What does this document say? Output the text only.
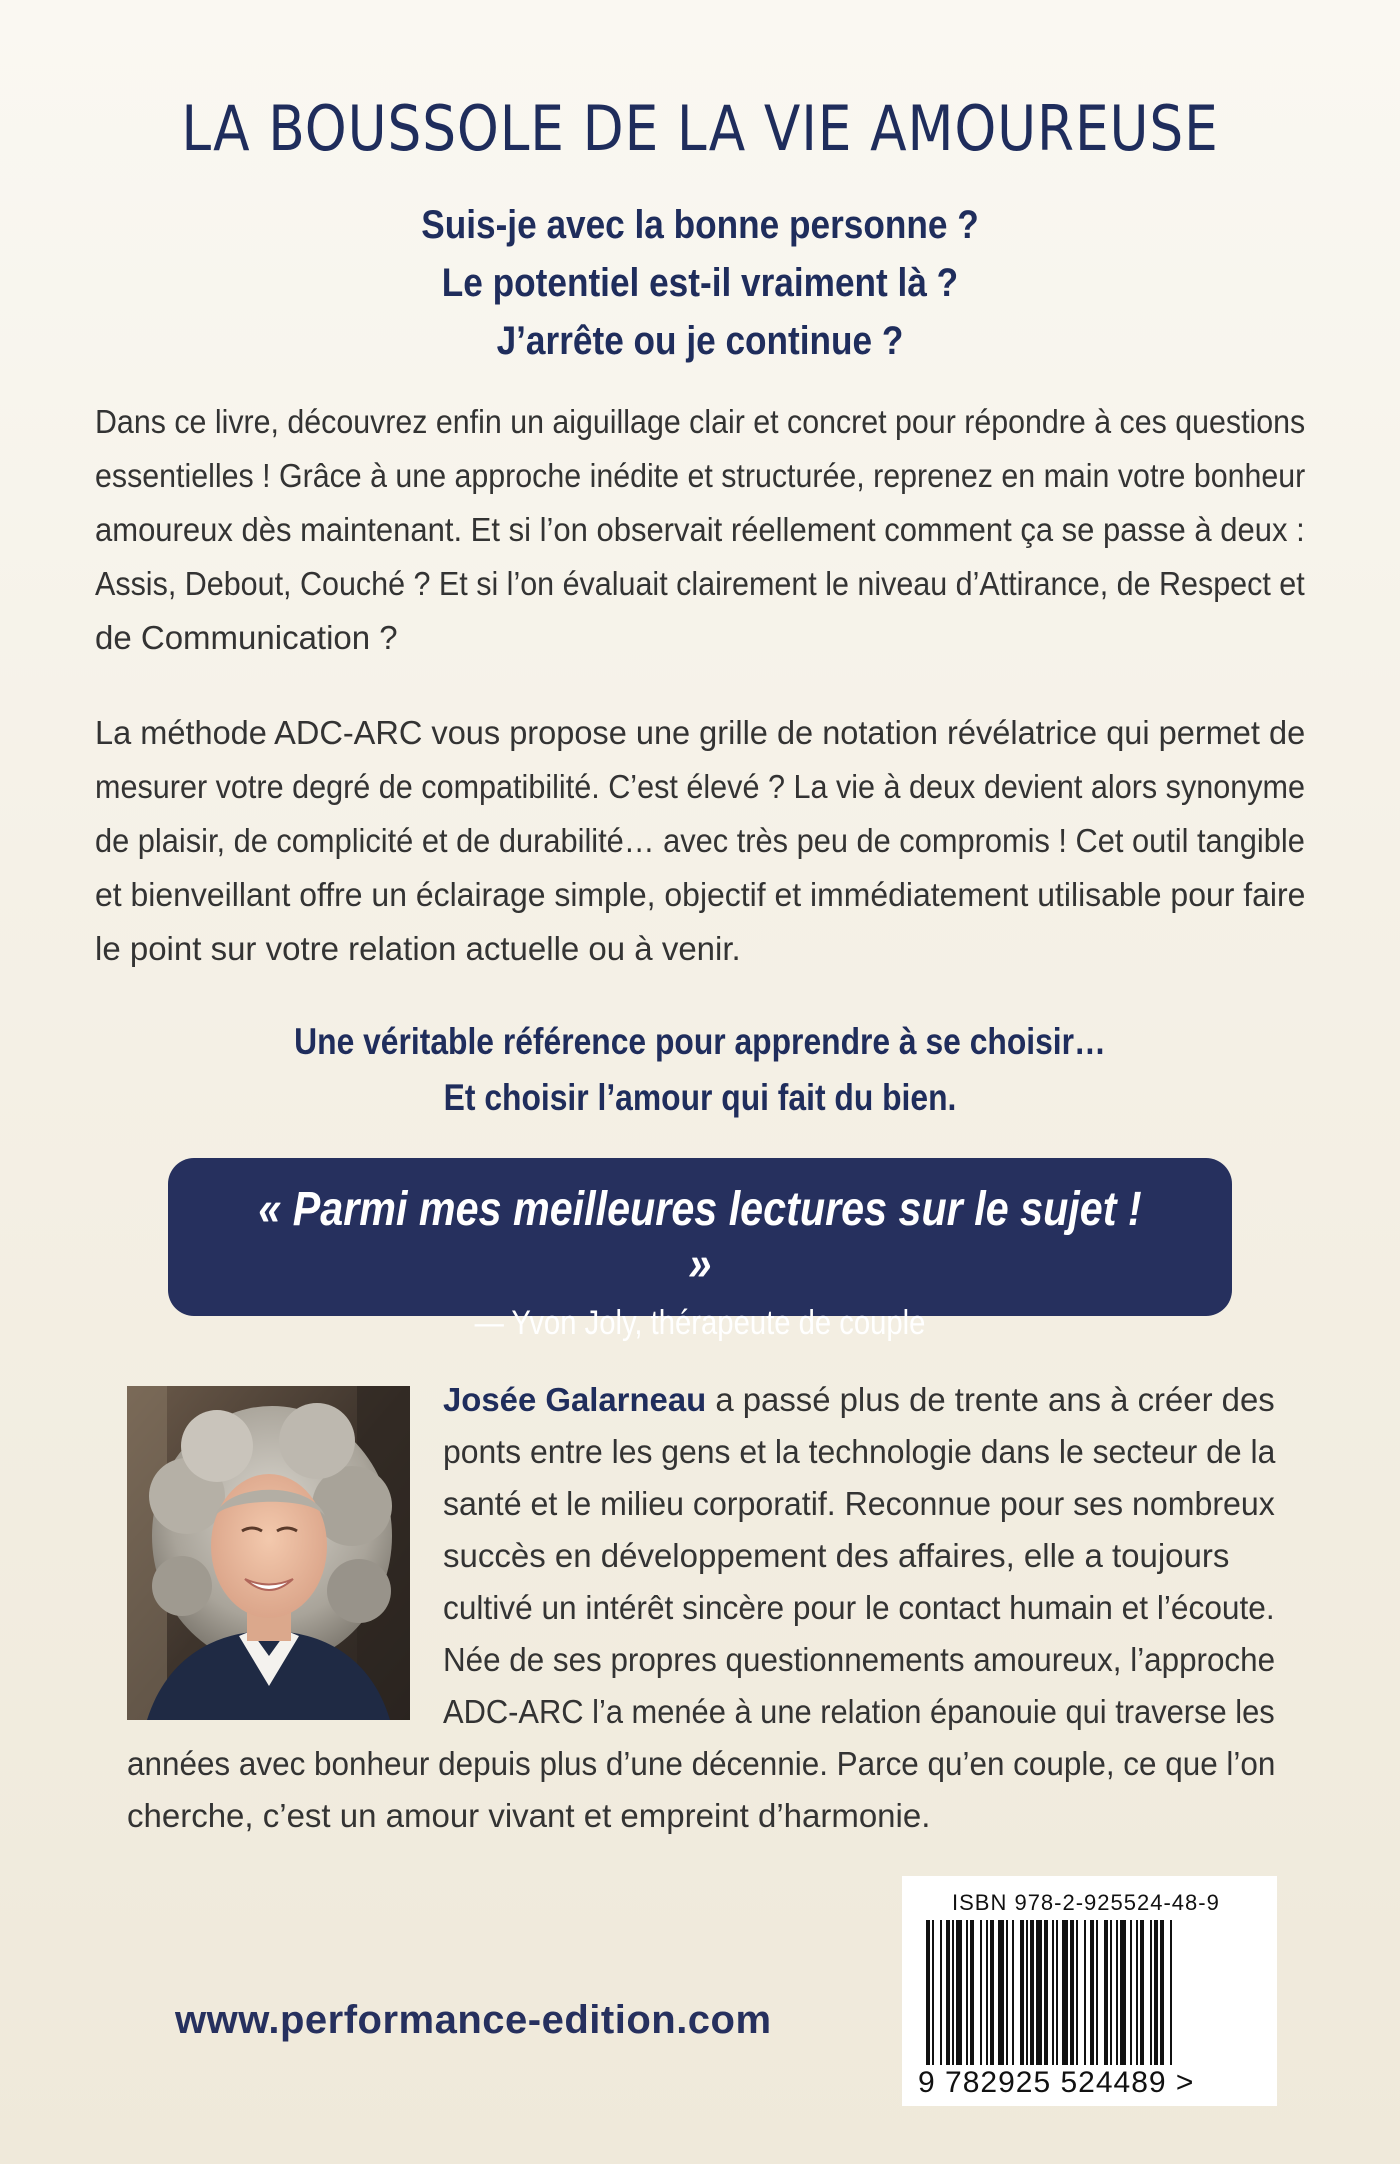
LA BOUSSOLE DE LA VIE AMOUREUSE
Suis-je avec la bonne personne ?
Le potentiel est-il vraiment là ?
J’arrête ou je continue ?
Dans ce livre, découvrez enfin un aiguillage clair et concret pour répondre à ces questions
essentielles ! Grâce à une approche inédite et structurée, reprenez en main votre bonheur
amoureux dès maintenant. Et si l’on observait réellement comment ça se passe à deux :
Assis, Debout, Couché ? Et si l’on évaluait clairement le niveau d’Attirance, de Respect et
de Communication ?
La méthode ADC-ARC vous propose une grille de notation révélatrice qui permet de
mesurer votre degré de compatibilité. C’est élevé ? La vie à deux devient alors synonyme
de plaisir, de complicité et de durabilité… avec très peu de compromis ! Cet outil tangible
et bienveillant offre un éclairage simple, objectif et immédiatement utilisable pour faire
le point sur votre relation actuelle ou à venir.
Une véritable référence pour apprendre à se choisir…
Et choisir l’amour qui fait du bien.
« Parmi mes meilleures lectures sur le sujet ! »
— Yvon Joly, thérapeute de couple
Josée Galarneau a passé plus de trente ans à créer des
ponts entre les gens et la technologie dans le secteur de la
santé et le milieu corporatif. Reconnue pour ses nombreux
succès en développement des affaires, elle a toujours
cultivé un intérêt sincère pour le contact humain et l’écoute.
Née de ses propres questionnements amoureux, l’approche
ADC-ARC l’a menée à une relation épanouie qui traverse les
années avec bonheur depuis plus d’une décennie. Parce qu’en couple, ce que l’on
cherche, c’est un amour vivant et empreint d’harmonie.
www.performance-edition.com
ISBN 978-2-925524-48-9
9 782925 524489 >
